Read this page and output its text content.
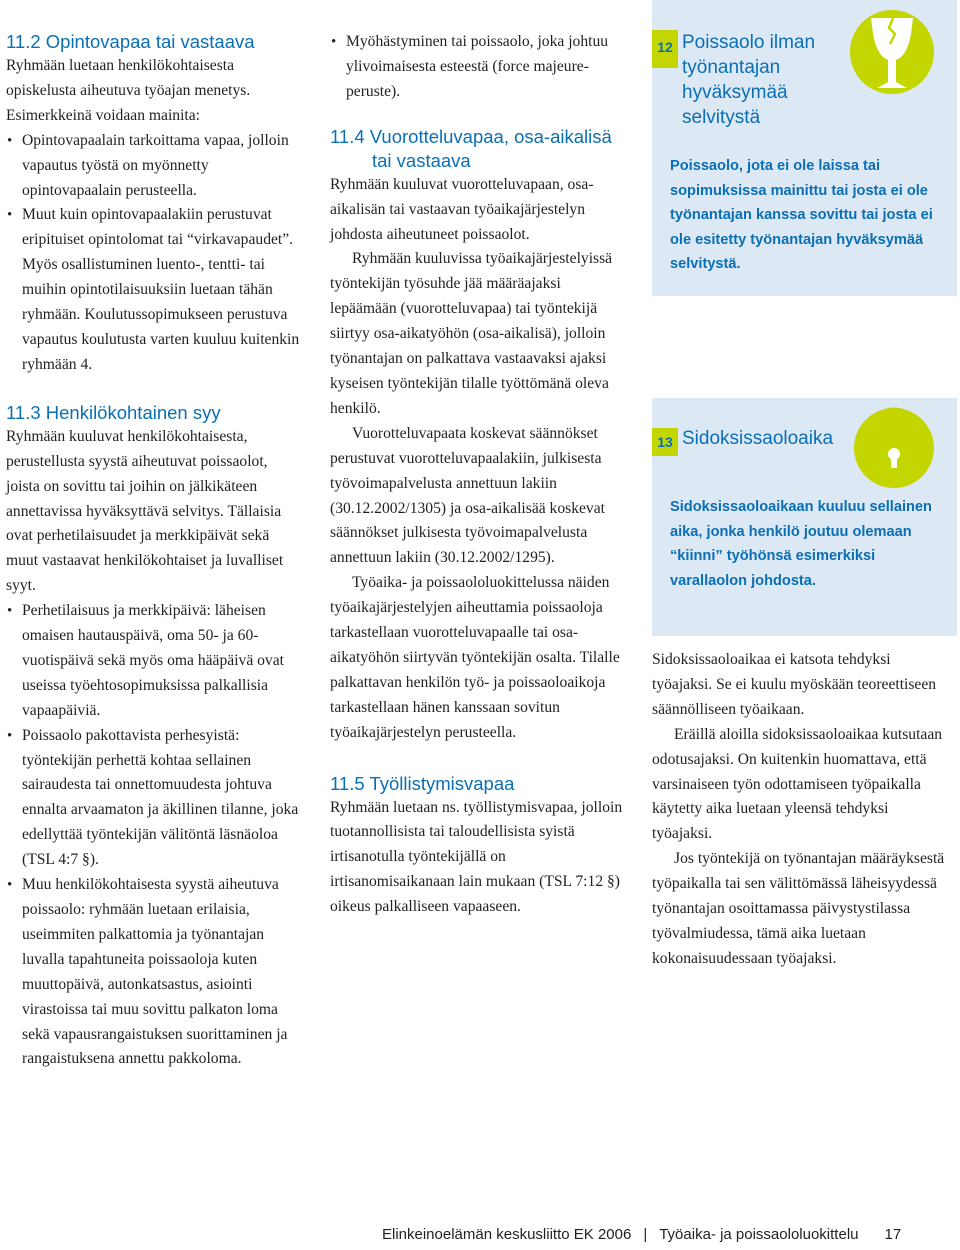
11.2 Opintovapaa tai vastaava

Ryhmään luetaan henkilökohtaisesta opiskelusta aiheutuva työajan menetys. Esimerkkeinä voidaan mainita:

• Opintovapaalain tarkoittama vapaa, jolloin vapautus työstä on myönnetty opintovapaalain perusteella.
• Muut kuin opintovapaalakiin perustuvat eripituiset opintolomat tai “virkavapaudet”. Myös osallistuminen luento-, tentti- tai muihin opintotilaisuuksiin luetaan tähän ryhmään. Koulutussopimukseen perustuva vapautus koulutusta varten kuuluu kuitenkin ryhmään 4.
11.3 Henkilökohtainen syy

Ryhmään kuuluvat henkilökohtaisesta, perustellusta syystä aiheutuvat poissaolot, joista on sovittu tai joihin on jälkikäteen annettavissa hyväksyttävä selvitys. Tällaisia ovat perhetilaisuudet ja merkkipäivät sekä muut vastaavat henkilökohtaiset ja luvalliset syyt.

• Perhetilaisuus ja merkkipäivä: läheisen omaisen hautauspäivä, oma 50- ja 60-vuotispäivä sekä myös oma hääpäivä ovat useissa työehtosopimuksissa palkallisia vapaapäiviä.
• Poissaolo pakottavista perhesyistä: työntekijän perhettä kohtaa sellainen sairaudesta tai onnettomuudesta johtuva ennalta arvaamaton ja äkillinen tilanne, joka edellyttää työntekijän välitöntä läsnäoloa (TSL 4:7 §).
• Muu henkilökohtaisesta syystä aiheutuva poissaolo: ryhmään luetaan erilaisia, useimmiten palkattomia ja työnantajan luvalla tapahtuneita poissaoloja kuten muuttopäivä, autonkatsastus, asiointi virastoissa tai muu sovittu palkaton loma sekä vapausrangaistuksen suorittaminen ja rangaistuksena annettu pakkoloma.
• Myöhästyminen tai poissaolo, joka johtuu ylivoimaisesta esteestä (force majeure-peruste).
11.4 Vuorotteluvapaa, osa-aikalisä tai vastaava

Ryhmään kuuluvat vuorotteluvapaan, osa-aikalisän tai vastaavan työaikajärjestelyn johdosta aiheutuneet poissaolot.

Ryhmään kuuluvissa työaikajärjestelyissä työntekijän työsuhde jää määräajaksi lepäämään (vuorotteluvapaa) tai työntekijä siirtyy osa-aikatyöhön (osa-aikalisä), jolloin työnantajan on palkattava vastaavaksi ajaksi kyseisen työntekijän tilalle työttömänä oleva henkilö.

Vuorotteluvapaata koskevat säännökset perustuvat vuorotteluvapaalakiin, julkisesta työvoimapalvelusta annettuun lakiin (30.12.2002/1305) ja osa-aikalisää koskevat säännökset julkisesta työvoimapalvelusta annettuun lakiin (30.12.2002/1295).

Työaika- ja poissaololuokittelussa näiden työaikajärjestelyjen aiheuttamia poissaoloja tarkastellaan vuorotteluvapaalle tai osa-aikatyöhön siirtyvän työntekijän osalta. Tilalle palkattavan henkilön työ- ja poissaoloaikoja tarkastellaan hänen kanssaan sovitun työaikajärjestelyn perusteella.

11.5 Työllistymisvapaa

Ryhmään luetaan ns. työllistymisvapaa, jolloin tuotannollisista tai taloudellisista syistä irtisanotulla työntekijällä on irtisanomisaikanaan lain mukaan (TSL 7:12 §) oikeus palkalliseen vapaaseen.

12 Poissaolo ilman työnantajan hyväksymää selvitystä

Poissaolo, jota ei ole laissa tai sopimuksissa mainittu tai josta ei ole työnantajan kanssa sovittu tai josta ei ole esitetty työnantajan hyväksymää selvitystä.

13 Sidoksissaoloaika

Sidoksissaoloaikaan kuuluu sellainen aika, jonka henkilö joutuu olemaan “kiinni” työhönsä esimerkiksi varallaolon johdosta.

Sidoksissaoloaikaa ei katsota tehdyksi työajaksi. Se ei kuulu myöskään teoreettiseen säännölliseen työaikaan.

Eräillä aloilla sidoksissaoloaikaa kutsutaan odotusajaksi. On kuitenkin huomattava, että varsinaiseen työn odottamiseen työpaikalla käytetty aika luetaan yleensä tehdyksi työajaksi.

Jos työntekijä on työnantajan määräyksestä työpaikalla tai sen välittömässä läheisyydessä työnantajan osoittamassa päivystystilassa työvalmiudessa, tämä aika luetaan kokonaisuudessaan työajaksi.

Elinkeinoelämän keskusliitto EK 2006 | Työaika- ja poissaololuokittelu 17
